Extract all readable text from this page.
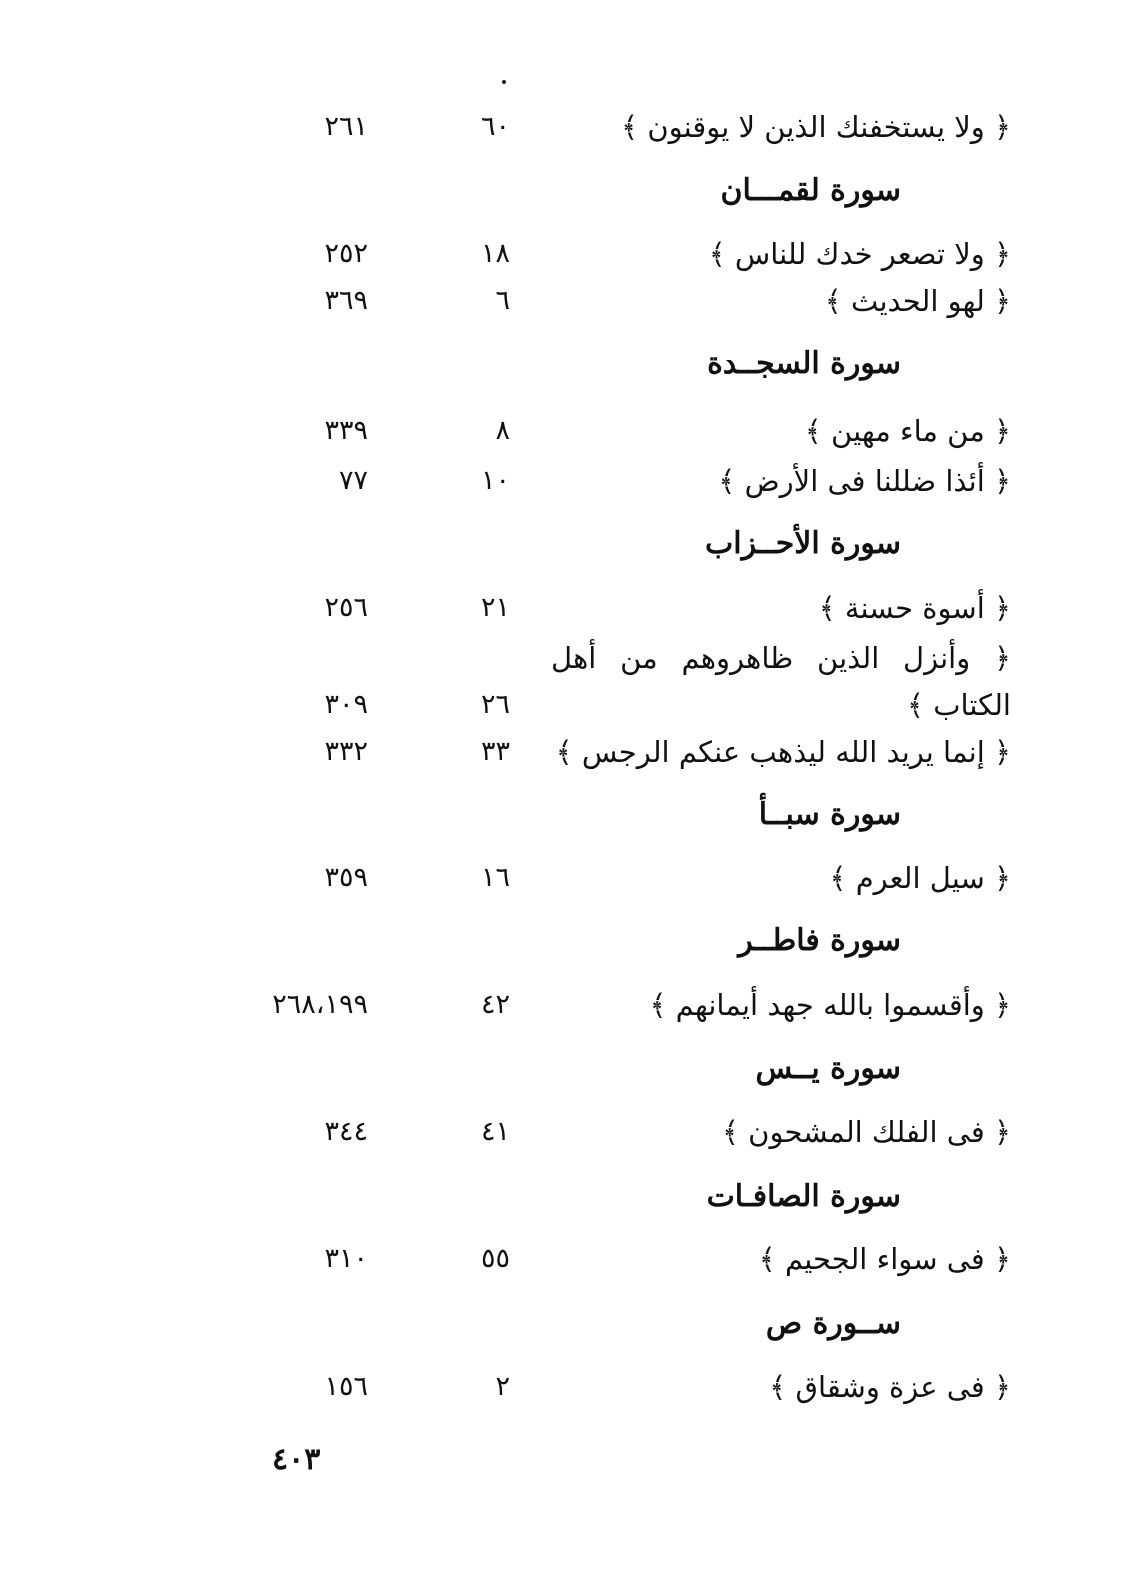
﴿ ولا يستخفنك الذين لا يوقنون ﴾
٦٠
٢٦١
سورة لقمـــان
﴿ ولا تصعر خدك للناس ﴾
١٨
٢٥٢
﴿ لهو الحديث ﴾
٦
٣٦٩
سورة السجــدة
﴿ من ماء مهين ﴾
٨
٣٣٩
﴿ أئذا ضللنا فى الأرض ﴾
١٠
٧٧
سورة الأحــزاب
﴿ أسوة حسنة ﴾
٢١
٢٥٦
﴿ وأنزل الذين ظاهروهم من أهل الكتاب ﴾
٢٦
٣٠٩
﴿ إنما يريد الله ليذهب عنكم الرجس ﴾
٣٣
٣٣٢
سورة سبــأ
﴿ سيل العرم ﴾
١٦
٣٥٩
سورة فاطــر
﴿ وأقسموا بالله جهد أيمانهم ﴾
٤٢
٢٦٨،١٩٩
سورة يــس
﴿ فى الفلك المشحون ﴾
٤١
٣٤٤
سورة الصافـات
﴿ فى سواء الجحيم ﴾
٥٥
٣١٠
ســورة ص
﴿ فى عزة وشقاق ﴾
٢
١٥٦
٤٠٣
